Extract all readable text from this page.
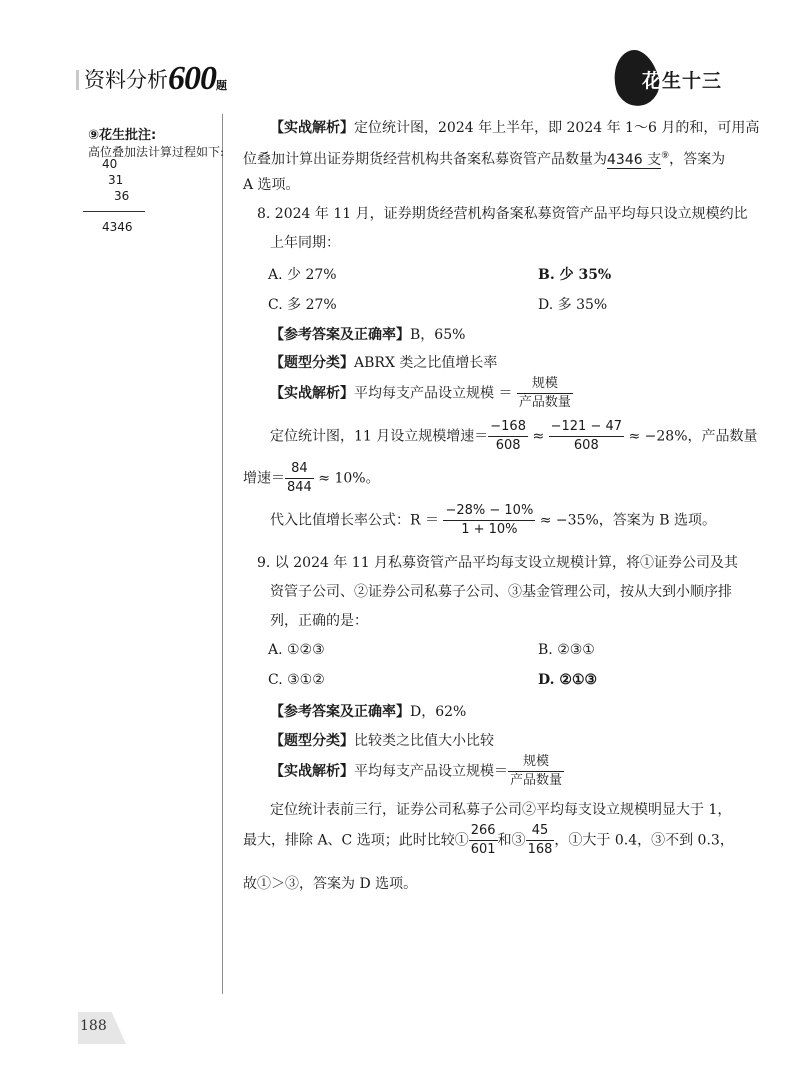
资料分析600题	花生十三
⑨花生批注:
高位叠加法计算过程如下:
40
31
36
4346
【实战解析】定位统计图，2024 年上半年，即 2024 年 1～6 月的和，可用高
位叠加计算出证券期货经营机构共备案私募资管产品数量为4346 支⑨，答案为
A 选项。
8. 2024 年 11 月，证券期货经营机构备案私募资管产品平均每只设立规模约比
上年同期：
A. 少 27%	B. 少 35%
C. 多 27%	D. 多 35%
【参考答案及正确率】B，65%
【题型分类】ABRX 类之比值增长率
【实战解析】平均每支产品设立规模 ＝ $\frac{\text{规模}}{\text{产品数量}}$
定位统计图，11 月设立规模增速＝ $\frac{-168}{608} \approx \frac{-121 - 47}{608} \approx -28\%$，产品数量
增速＝ $\frac{84}{844} \approx 10\%$。
代入比值增长率公式：$R = \frac{-28\% - 10\%}{1 + 10\%} \approx -35\%$，答案为 B 选项。
9. 以 2024 年 11 月私募资管产品平均每支设立规模计算，将①证券公司及其
资管子公司、②证券公司私募子公司、③基金管理公司，按从大到小顺序排
列，正确的是：
A. ①②③	B. ②③①
C. ③①②	D. ②①③
【参考答案及正确率】D，62%
【题型分类】比较类之比值大小比较
【实战解析】平均每支产品设立规模＝ $\frac{\text{规模}}{\text{产品数量}}$
定位统计表前三行，证券公司私募子公司②平均每支设立规模明显大于 1，
最大，排除 A、C 选项；此时比较① $\frac{266}{601}$ 和③ $\frac{45}{168}$ ，①大于 0.4，③不到 0.3，
故①＞③，答案为 D 选项。
188
